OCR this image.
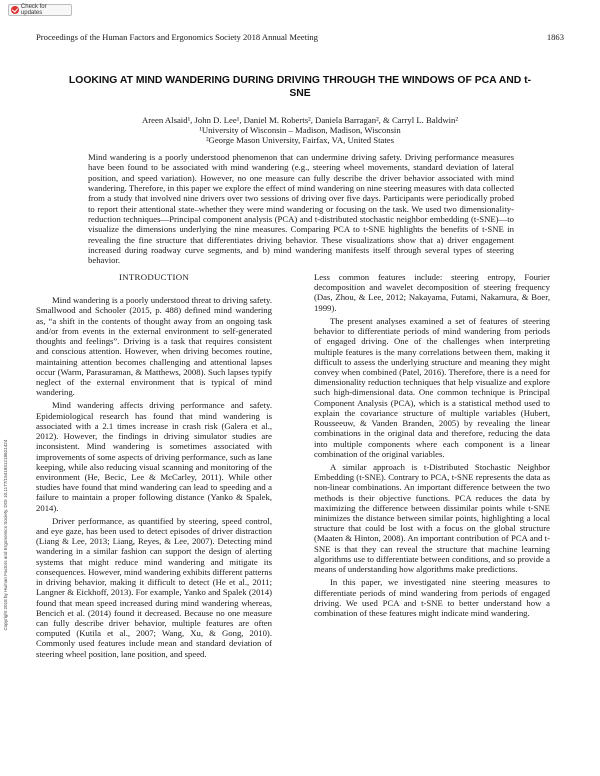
Check for updates
Proceedings of the Human Factors and Ergonomics Society 2018 Annual Meeting	1863
LOOKING AT MIND WANDERING DURING DRIVING THROUGH THE WINDOWS OF PCA AND t-SNE

Areen Alsaid¹, John D. Lee¹, Daniel M. Roberts², Daniela Barragan², & Carryl L. Baldwin²

¹University of Wisconsin – Madison, Madison, Wisconsin

²George Mason University, Fairfax, VA, United States

Mind wandering is a poorly understood phenomenon that can undermine driving safety. Driving performance measures have been found to be associated with mind wandering (e.g., steering wheel movements, standard deviation of lateral position, and speed variation). However, no one measure can fully describe the driver behavior associated with mind wandering. Therefore, in this paper we explore the effect of mind wandering on nine steering measures with data collected from a study that involved nine drivers over two sessions of driving over five days. Participants were periodically probed to report their attentional state–whether they were mind wandering or focusing on the task. We used two dimensionality-reduction techniques—Principal component analysis (PCA) and t-distributed stochastic neighbor embedding (t-SNE)—to visualize the dimensions underlying the nine measures. Comparing PCA to t-SNE highlights the benefits of t-SNE in revealing the fine structure that differentiates driving behavior. These visualizations show that a) driver engagement increased during roadway curve segments, and b) mind wandering manifests itself through several types of steering behavior.
INTRODUCTION

Mind wandering is a poorly understood threat to driving safety. Smallwood and Schooler (2015, p. 488) defined mind wandering as, “a shift in the contents of thought away from an ongoing task and/or from events in the external environment to self-generated thoughts and feelings”. Driving is a task that requires consistent and conscious attention. However, when driving becomes routine, maintaining attention becomes challenging and attentional lapses occur (Warm, Parasuraman, & Matthews, 2008). Such lapses typify neglect of the external environment that is typical of mind wandering.

Mind wandering affects driving performance and safety. Epidemiological research has found that mind wandering is associated with a 2.1 times increase in crash risk (Galera et al., 2012). However, the findings in driving simulator studies are inconsistent. Mind wandering is sometimes associated with improvements of some aspects of driving performance, such as lane keeping, while also reducing visual scanning and monitoring of the environment (He, Becic, Lee & McCarley, 2011). While other studies have found that mind wandering can lead to speeding and a failure to maintain a proper following distance (Yanko & Spalek, 2014).

Driver performance, as quantified by steering, speed control, and eye gaze, has been used to detect episodes of driver distraction (Liang & Lee, 2013; Liang, Reyes, & Lee, 2007). Detecting mind wandering in a similar fashion can support the design of alerting systems that might reduce mind wandering and mitigate its consequences. However, mind wandering exhibits different patterns in driving behavior, making it difficult to detect (He et al., 2011; Langner & Eickhoff, 2013). For example, Yanko and Spalek (2014) found that mean speed increased during mind wandering whereas, Bencich et al. (2014) found it decreased. Because no one measure can fully describe driver behavior, multiple features are often computed (Kutila et al., 2007; Wang, Xu, & Gong, 2010). Commonly used features include mean and standard deviation of steering wheel position, lane position, and speed.

Less common features include: steering entropy, Fourier decomposition and wavelet decomposition of steering frequency (Das, Zhou, & Lee, 2012; Nakayama, Futami, Nakamura, & Boer, 1999).

The present analyses examined a set of features of steering behavior to differentiate periods of mind wandering from periods of engaged driving. One of the challenges when interpreting multiple features is the many correlations between them, making it difficult to assess the underlying structure and meaning they might convey when combined (Patel, 2016). Therefore, there is a need for dimensionality reduction techniques that help visualize and explore such high-dimensional data. One common technique is Principal Component Analysis (PCA), which is a statistical method used to explain the covariance structure of multiple variables (Hubert, Rousseeuw, & Vanden Branden, 2005) by revealing the linear combinations in the original data and therefore, reducing the data into multiple components where each component is a linear combination of the original variables.

A similar approach is t-Distributed Stochastic Neighbor Embedding (t-SNE). Contrary to PCA, t-SNE represents the data as non-linear combinations. An important difference between the two methods is their objective functions. PCA reduces the data by maximizing the difference between dissimilar points while t-SNE minimizes the distance between similar points, highlighting a local structure that could be lost with a focus on the global structure (Maaten & Hinton, 2008). An important contribution of PCA and t-SNE is that they can reveal the structure that machine learning algorithms use to differentiate between conditions, and so provide a means of understanding how algorithms make predictions.

In this paper, we investigated nine steering measures to differentiate periods of mind wandering from periods of engaged driving. We used PCA and t-SNE to better understand how a combination of these features might indicate mind wandering.

Copyright 2018 by Human Factors and Ergonomics Society. DOI 10.1177/1541931218621424
